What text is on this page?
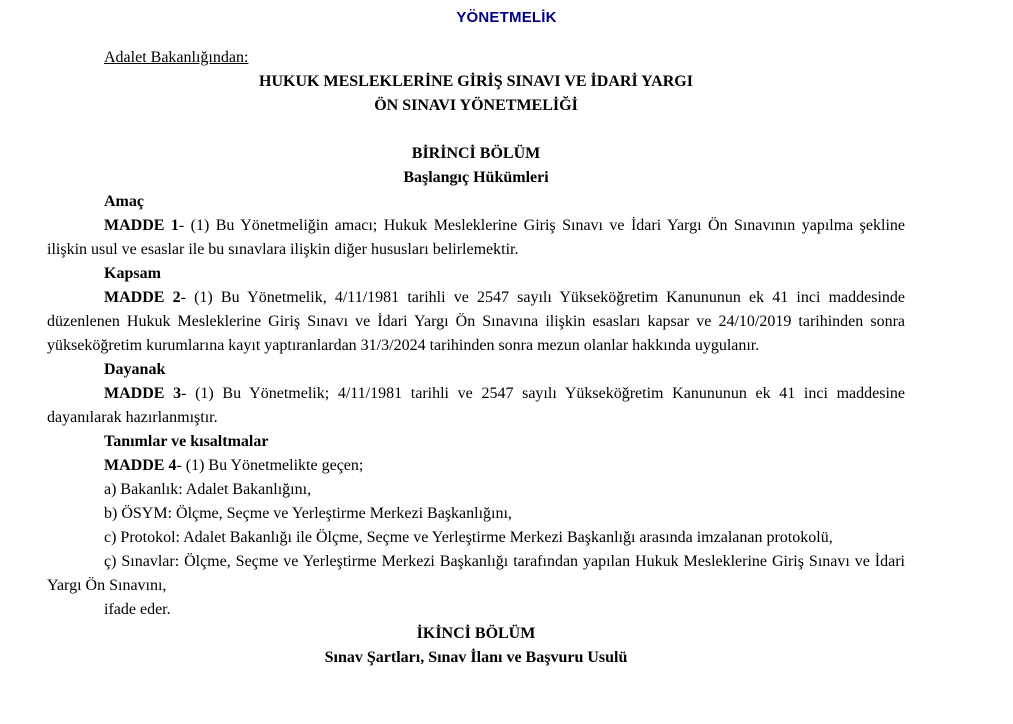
YÖNETMELİK
Adalet Bakanlığından:
HUKUK MESLEKLERİNE GİRİŞ SINAVI VE İDARİ YARGI
ÖN SINAVI YÖNETMELİĞİ
BİRİNCİ BÖLÜM
Başlangıç Hükümleri
Amaç
MADDE 1- (1) Bu Yönetmeliğin amacı; Hukuk Mesleklerine Giriş Sınavı ve İdari Yargı Ön Sınavının yapılma şekline ilişkin usul ve esaslar ile bu sınavlara ilişkin diğer hususları belirlemektir.
Kapsam
MADDE 2- (1) Bu Yönetmelik, 4/11/1981 tarihli ve 2547 sayılı Yükseköğretim Kanununun ek 41 inci maddesinde düzenlenen Hukuk Mesleklerine Giriş Sınavı ve İdari Yargı Ön Sınavına ilişkin esasları kapsar ve 24/10/2019 tarihinden sonra yükseköğretim kurumlarına kayıt yaptıranlardan 31/3/2024 tarihinden sonra mezun olanlar hakkında uygulanır.
Dayanak
MADDE 3- (1) Bu Yönetmelik; 4/11/1981 tarihli ve 2547 sayılı Yükseköğretim Kanununun ek 41 inci maddesine dayanılarak hazırlanmıştır.
Tanımlar ve kısaltmalar
MADDE 4- (1) Bu Yönetmelikte geçen;
a) Bakanlık: Adalet Bakanlığını,
b) ÖSYM: Ölçme, Seçme ve Yerleştirme Merkezi Başkanlığını,
c) Protokol: Adalet Bakanlığı ile Ölçme, Seçme ve Yerleştirme Merkezi Başkanlığı arasında imzalanan protokolü,
ç) Sınavlar: Ölçme, Seçme ve Yerleştirme Merkezi Başkanlığı tarafından yapılan Hukuk Mesleklerine Giriş Sınavı ve İdari Yargı Ön Sınavını,
ifade eder.
İKİNCİ BÖLÜM
Sınav Şartları, Sınav İlanı ve Başvuru Usulü
